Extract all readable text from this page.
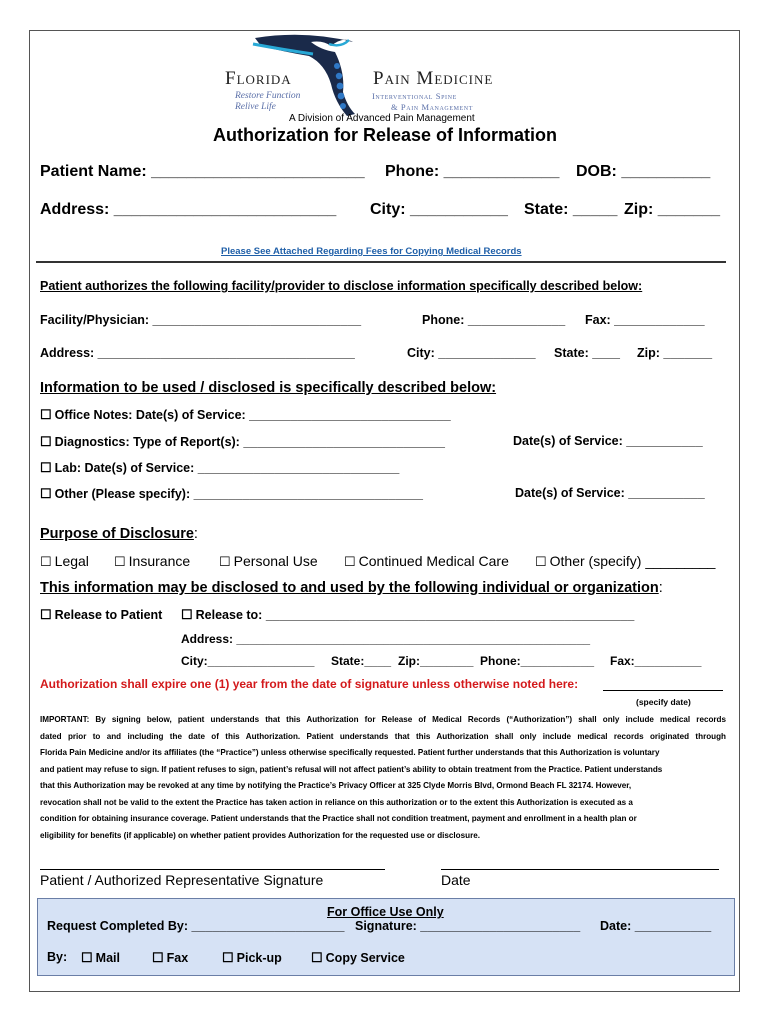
Florida	Pain Medicine
Restore Function
Relive Life
Interventional Spine
& Pain Management
A Division of Advanced Pain Management
Authorization for Release of Information
Patient Name: ________________________ Phone: _____________ DOB: __________
Address: _________________________ City: ___________ State: _____ Zip: _______
Please See Attached Regarding Fees for Copying Medical Records
Patient authorizes the following facility/provider to disclose information specifically described below:
Facility/Physician: ______________________________	Phone: ______________ Fax: _____________
Address: _____________________________________	City: ______________ State: ____ Zip: _______
Information to be used / disclosed is specifically described below:
☐ Office Notes: Date(s) of Service: _____________________________
☐ Diagnostics: Type of Report(s): _____________________________	Date(s) of Service: ___________
☐ Lab: Date(s) of Service: _____________________________
☐ Other (Please specify): _________________________________	Date(s) of Service: ___________
Purpose of Disclosure:
☐ Legal ☐ Insurance ☐ Personal Use ☐ Continued Medical Care ☐ Other (specify) _________
This information may be disclosed to and used by the following individual or organization:
☐ Release to Patient ☐ Release to: _____________________________________________________
Address: _____________________________________________________
City:________________ State:____ Zip:________ Phone:___________ Fax:__________
Authorization shall expire one (1) year from the date of signature unless otherwise noted here:
(specify date)
IMPORTANT: By signing below, patient understands that this Authorization for Release of Medical Records (“Authorization”) shall only include medical records
dated prior to and including the date of this Authorization. Patient understands that this Authorization shall only include medical records originated through
Florida Pain Medicine and/or its affiliates (the “Practice”) unless otherwise specifically requested. Patient further understands that this Authorization is voluntary
and patient may refuse to sign. If patient refuses to sign, patient’s refusal will not affect patient’s ability to obtain treatment from the Practice. Patient understands
that this Authorization may be revoked at any time by notifying the Practice’s Privacy Officer at 325 Clyde Morris Blvd, Ormond Beach FL 32174. However,
revocation shall not be valid to the extent the Practice has taken action in reliance on this authorization or to the extent this Authorization is executed as a
condition for obtaining insurance coverage. Patient understands that the Practice shall not condition treatment, payment and enrollment in a health plan or
eligibility for benefits (if applicable) on whether patient provides Authorization for the requested use or disclosure.
Patient / Authorized Representative Signature	Date
For Office Use Only
Request Completed By: ______________________ Signature: _______________________ Date: ___________
By: ☐ Mail ☐ Fax	☐ Pick-up ☐ Copy Service
